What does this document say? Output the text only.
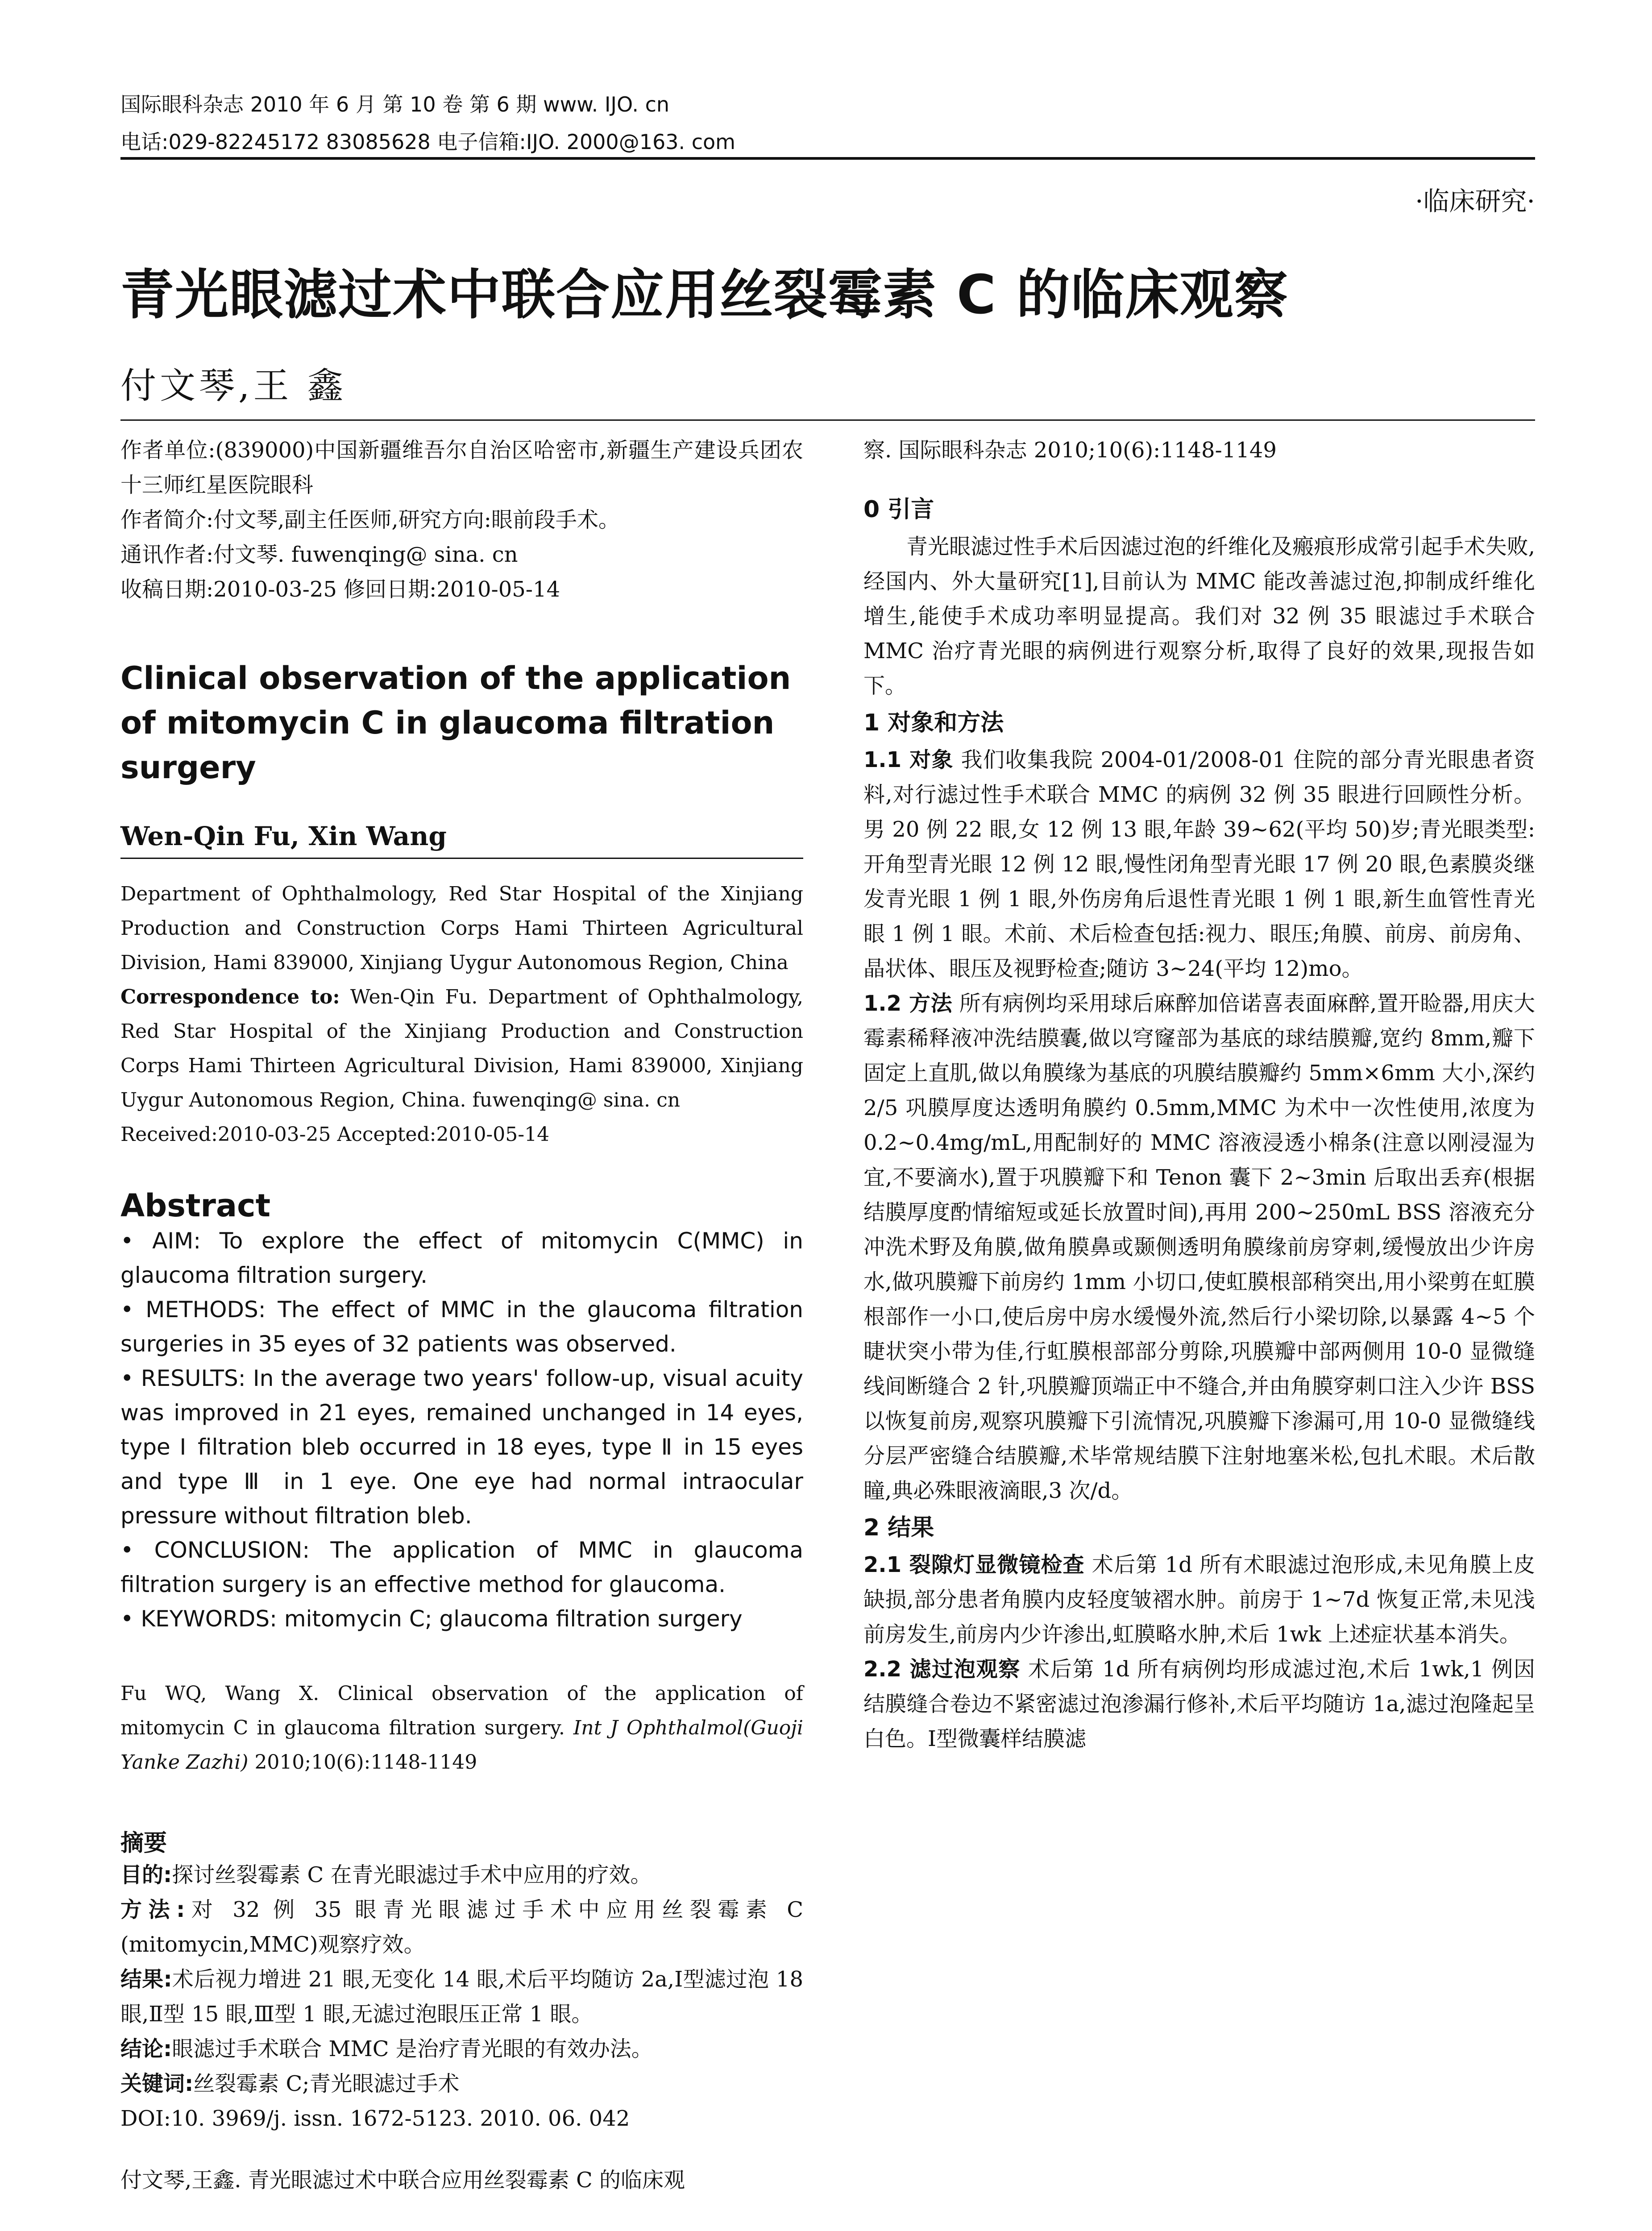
国际眼科杂志 2010 年 6 月 第 10 卷 第 6 期 www. IJO. cn
电话:029-82245172 83085628 电子信箱:IJO. 2000@163. com
·临床研究·
青光眼滤过术中联合应用丝裂霉素 C 的临床观察
付文琴,王 鑫

作者单位:(839000)中国新疆维吾尔自治区哈密市,新疆生产建设兵团农十三师红星医院眼科

作者简介:付文琴,副主任医师,研究方向:眼前段手术。

通讯作者:付文琴. fuwenqing@ sina. cn

收稿日期:2010-03-25 修回日期:2010-05-14

Clinical observation of the application of mitomycin C in glaucoma filtration surgery

Wen-Qin Fu, Xin Wang

Department of Ophthalmology, Red Star Hospital of the Xinjiang Production and Construction Corps Hami Thirteen Agricultural Division, Hami 839000, Xinjiang Uygur Autonomous Region, China

Correspondence to: Wen-Qin Fu. Department of Ophthalmology, Red Star Hospital of the Xinjiang Production and Construction Corps Hami Thirteen Agricultural Division, Hami 839000, Xinjiang Uygur Autonomous Region, China. fuwenqing@ sina. cn

Received:2010-03-25 Accepted:2010-05-14

Abstract

• AIM: To explore the effect of mitomycin C(MMC) in glaucoma filtration surgery.

• METHODS: The effect of MMC in the glaucoma filtration surgeries in 35 eyes of 32 patients was observed.

• RESULTS: In the average two years' follow-up, visual acuity was improved in 21 eyes, remained unchanged in 14 eyes, type Ⅰ filtration bleb occurred in 18 eyes, type Ⅱ in 15 eyes and type Ⅲ in 1 eye. One eye had normal intraocular pressure without filtration bleb.

• CONCLUSION: The application of MMC in glaucoma filtration surgery is an effective method for glaucoma.

• KEYWORDS: mitomycin C; glaucoma filtration surgery

Fu WQ, Wang X. Clinical observation of the application of mitomycin C in glaucoma filtration surgery. Int J Ophthalmol(Guoji Yanke Zazhi) 2010;10(6):1148-1149

摘要

目的:探讨丝裂霉素 C 在青光眼滤过手术中应用的疗效。

方法:对 32 例 35 眼青光眼滤过手术中应用丝裂霉素 C (mitomycin,MMC)观察疗效。

结果:术后视力增进 21 眼,无变化 14 眼,术后平均随访 2a,Ⅰ型滤过泡 18 眼,Ⅱ型 15 眼,Ⅲ型 1 眼,无滤过泡眼压正常 1 眼。

结论:眼滤过手术联合 MMC 是治疗青光眼的有效办法。

关键词:丝裂霉素 C;青光眼滤过手术

DOI:10. 3969/j. issn. 1672-5123. 2010. 06. 042

付文琴,王鑫. 青光眼滤过术中联合应用丝裂霉素 C 的临床观

察. 国际眼科杂志 2010;10(6):1148-1149

0 引言

青光眼滤过性手术后因滤过泡的纤维化及瘢痕形成常引起手术失败,经国内、外大量研究[1],目前认为 MMC 能改善滤过泡,抑制成纤维化增生,能使手术成功率明显提高。我们对 32 例 35 眼滤过手术联合 MMC 治疗青光眼的病例进行观察分析,取得了良好的效果,现报告如下。

1 对象和方法

1.1 对象 我们收集我院 2004-01/2008-01 住院的部分青光眼患者资料,对行滤过性手术联合 MMC 的病例 32 例 35 眼进行回顾性分析。男 20 例 22 眼,女 12 例 13 眼,年龄 39~62(平均 50)岁;青光眼类型:开角型青光眼 12 例 12 眼,慢性闭角型青光眼 17 例 20 眼,色素膜炎继发青光眼 1 例 1 眼,外伤房角后退性青光眼 1 例 1 眼,新生血管性青光眼 1 例 1 眼。术前、术后检查包括:视力、眼压;角膜、前房、前房角、晶状体、眼压及视野检查;随访 3~24(平均 12)mo。

1.2 方法 所有病例均采用球后麻醉加倍诺喜表面麻醉,置开睑器,用庆大霉素稀释液冲洗结膜囊,做以穹窿部为基底的球结膜瓣,宽约 8mm,瓣下固定上直肌,做以角膜缘为基底的巩膜结膜瓣约 5mm×6mm 大小,深约 2/5 巩膜厚度达透明角膜约 0.5mm,MMC 为术中一次性使用,浓度为 0.2~0.4mg/mL,用配制好的 MMC 溶液浸透小棉条(注意以刚浸湿为宜,不要滴水),置于巩膜瓣下和 Tenon 囊下 2~3min 后取出丢弃(根据结膜厚度酌情缩短或延长放置时间),再用 200~250mL BSS 溶液充分冲洗术野及角膜,做角膜鼻或颞侧透明角膜缘前房穿刺,缓慢放出少许房水,做巩膜瓣下前房约 1mm 小切口,使虹膜根部稍突出,用小梁剪在虹膜根部作一小口,使后房中房水缓慢外流,然后行小梁切除,以暴露 4~5 个睫状突小带为佳,行虹膜根部部分剪除,巩膜瓣中部两侧用 10-0 显微缝线间断缝合 2 针,巩膜瓣顶端正中不缝合,并由角膜穿刺口注入少许 BSS 以恢复前房,观察巩膜瓣下引流情况,巩膜瓣下渗漏可,用 10-0 显微缝线分层严密缝合结膜瓣,术毕常规结膜下注射地塞米松,包扎术眼。术后散瞳,典必殊眼液滴眼,3 次/d。

2 结果

2.1 裂隙灯显微镜检查 术后第 1d 所有术眼滤过泡形成,未见角膜上皮缺损,部分患者角膜内皮轻度皱褶水肿。前房于 1~7d 恢复正常,未见浅前房发生,前房内少许渗出,虹膜略水肿,术后 1wk 上述症状基本消失。

2.2 滤过泡观察 术后第 1d 所有病例均形成滤过泡,术后 1wk,1 例因结膜缝合卷边不紧密滤过泡渗漏行修补,术后平均随访 1a,滤过泡隆起呈白色。Ⅰ型微囊样结膜滤
